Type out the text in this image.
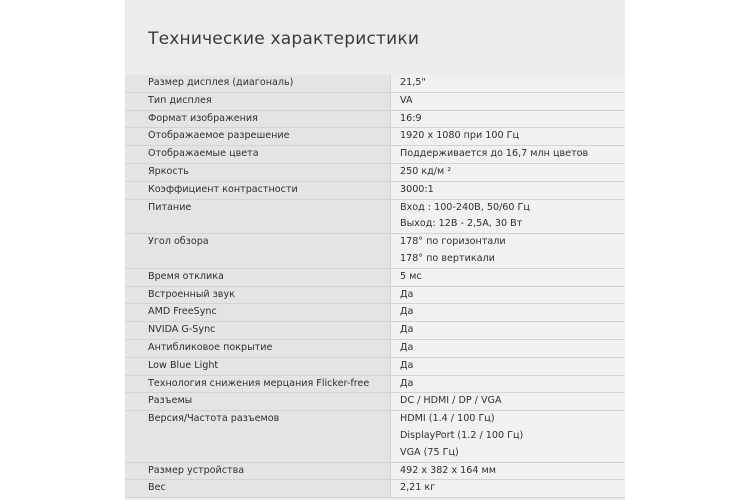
Технические характеристики
Размер дисплея (диагональ)	21,5"
Тип дисплея	VA
Формат изображения	16:9
Отображаемое разрешение	1920 x 1080 при 100 Гц
Отображаемые цвета	Поддерживается до 16,7 млн цветов
Яркость	250 кд/м ²
Коэффициент контрастности	3000:1
Питание	Вход : 100-240В, 50/60 Гц
Выход: 12В - 2,5А, 30 Вт
Угол обзора	178° по горизонтали
178° по вертикали
Время отклика	5 мс
Встроенный звук	Да
AMD FreeSync	Да
NVIDA G-Sync	Да
Антибликовое покрытие	Да
Low Blue Light	Да
Технология снижения мерцания Flicker-free	Да
Разъемы	DC / HDMI / DP / VGA
Версия/Частота разъемов	HDMI (1.4 / 100 Гц)
DisplayPort (1.2 / 100 Гц)
VGA (75 Гц)
Размер устройства	492 x 382 x 164 мм
Вес	2,21 кг
